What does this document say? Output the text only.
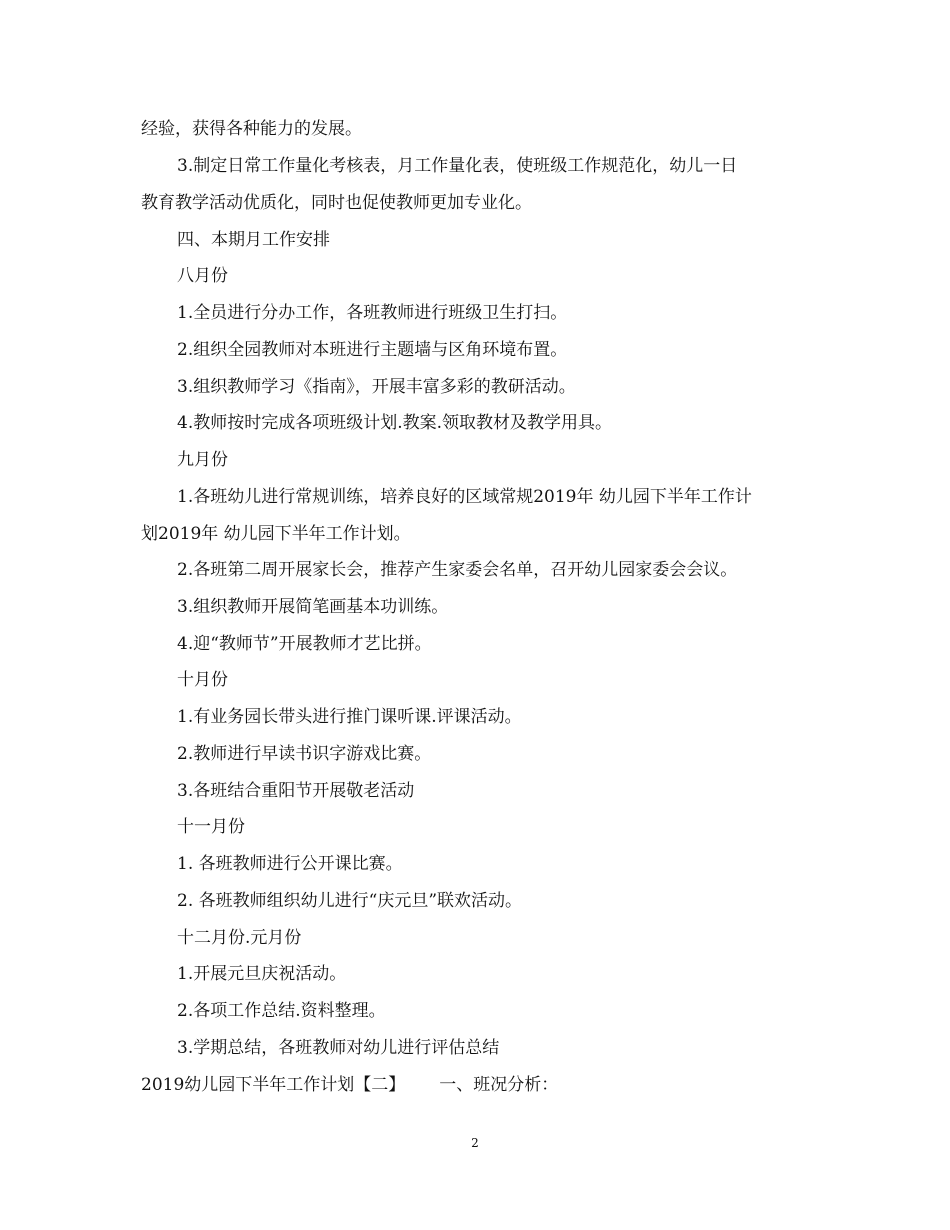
经验，获得各种能力的发展。
3.制定日常工作量化考核表，月工作量化表，使班级工作规范化，幼儿一日
教育教学活动优质化，同时也促使教师更加专业化。
四、本期月工作安排
八月份
1.全员进行分办工作，各班教师进行班级卫生打扫。
2.组织全园教师对本班进行主题墙与区角环境布置。
3.组织教师学习《指南》，开展丰富多彩的教研活动。
4.教师按时完成各项班级计划.教案.领取教材及教学用具。
九月份
1.各班幼儿进行常规训练，培养良好的区域常规2019年 幼儿园下半年工作计
划2019年 幼儿园下半年工作计划。
2.各班第二周开展家长会，推荐产生家委会名单，召开幼儿园家委会会议。
3.组织教师开展简笔画基本功训练。
4.迎“教师节”开展教师才艺比拼。
十月份
1.有业务园长带头进行推门课听课.评课活动。
2.教师进行早读书识字游戏比赛。
3.各班结合重阳节开展敬老活动
十一月份
1. 各班教师进行公开课比赛。
2. 各班教师组织幼儿进行“庆元旦”联欢活动。
十二月份.元月份
1.开展元旦庆祝活动。
2.各项工作总结.资料整理。
3.学期总结，各班教师对幼儿进行评估总结
2019幼儿园下半年工作计划【二】 一、班况分析：
2
